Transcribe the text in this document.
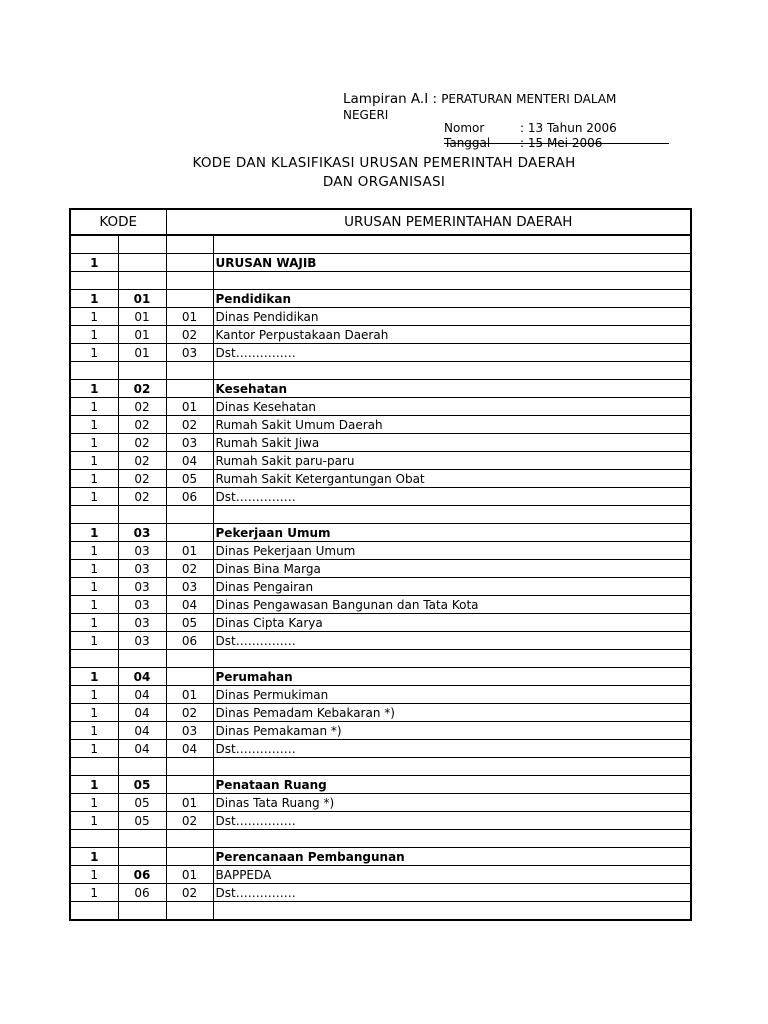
Lampiran A.I : PERATURAN MENTERI DALAM
NEGERI
Nomor	: 13 Tahun 2006
Tanggal : 15 Mei 2006
KODE DAN KLASIFIKASI URUSAN PEMERINTAH DAERAH
DAN ORGANISASI
KODE		URUSAN PEMERINTAHAN DAERAH	

1			URUSAN WAJIB

1	01		Pendidikan
1	01	01	Dinas Pendidikan
1	01	02	Kantor Perpustakaan Daerah
1	01	03	Dst……………

1	02		Kesehatan
1	02	01	Dinas Kesehatan
1	02	02	Rumah Sakit Umum Daerah
1	02	03	Rumah Sakit Jiwa
1	02	04	Rumah Sakit paru-paru
1	02	05	Rumah Sakit Ketergantungan Obat
1	02	06	Dst……………

1	03		Pekerjaan Umum
1	03	01	Dinas Pekerjaan Umum
1	03	02	Dinas Bina Marga
1	03	03	Dinas Pengairan
1	03	04	Dinas Pengawasan Bangunan dan Tata Kota
1	03	05	Dinas Cipta Karya
1	03	06	Dst……………

1	04		Perumahan
1	04	01	Dinas Permukiman
1	04	02	Dinas Pemadam Kebakaran *)
1	04	03	Dinas Pemakaman *)
1	04	04	Dst……………

1	05		Penataan Ruang
1	05	01	Dinas Tata Ruang *)
1	05	02	Dst……………

1			Perencanaan Pembangunan
1	06	01	BAPPEDA
1	06	02	Dst……………
